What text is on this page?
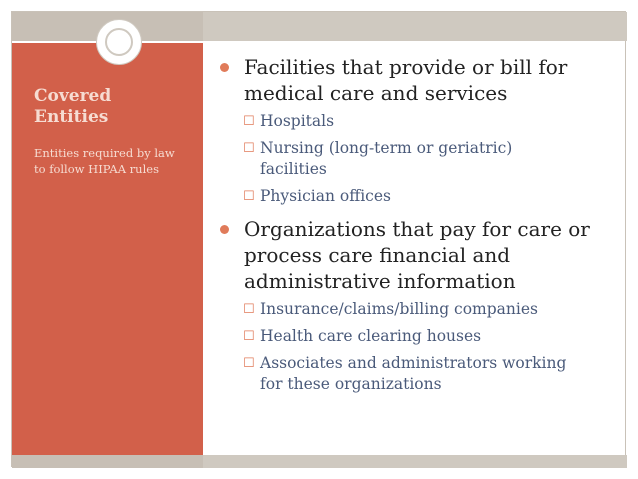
Covered
Entities
Entities required by law
to follow HIPAA rules
Facilities that provide or bill for
medical care and services
☐ Hospitals
☐ Nursing (long-term or geriatric)
facilities
☐ Physician offices
Organizations that pay for care or
process care financial and
administrative information
☐ Insurance/claims/billing companies
☐ Health care clearing houses
☐ Associates and administrators working
for these organizations
